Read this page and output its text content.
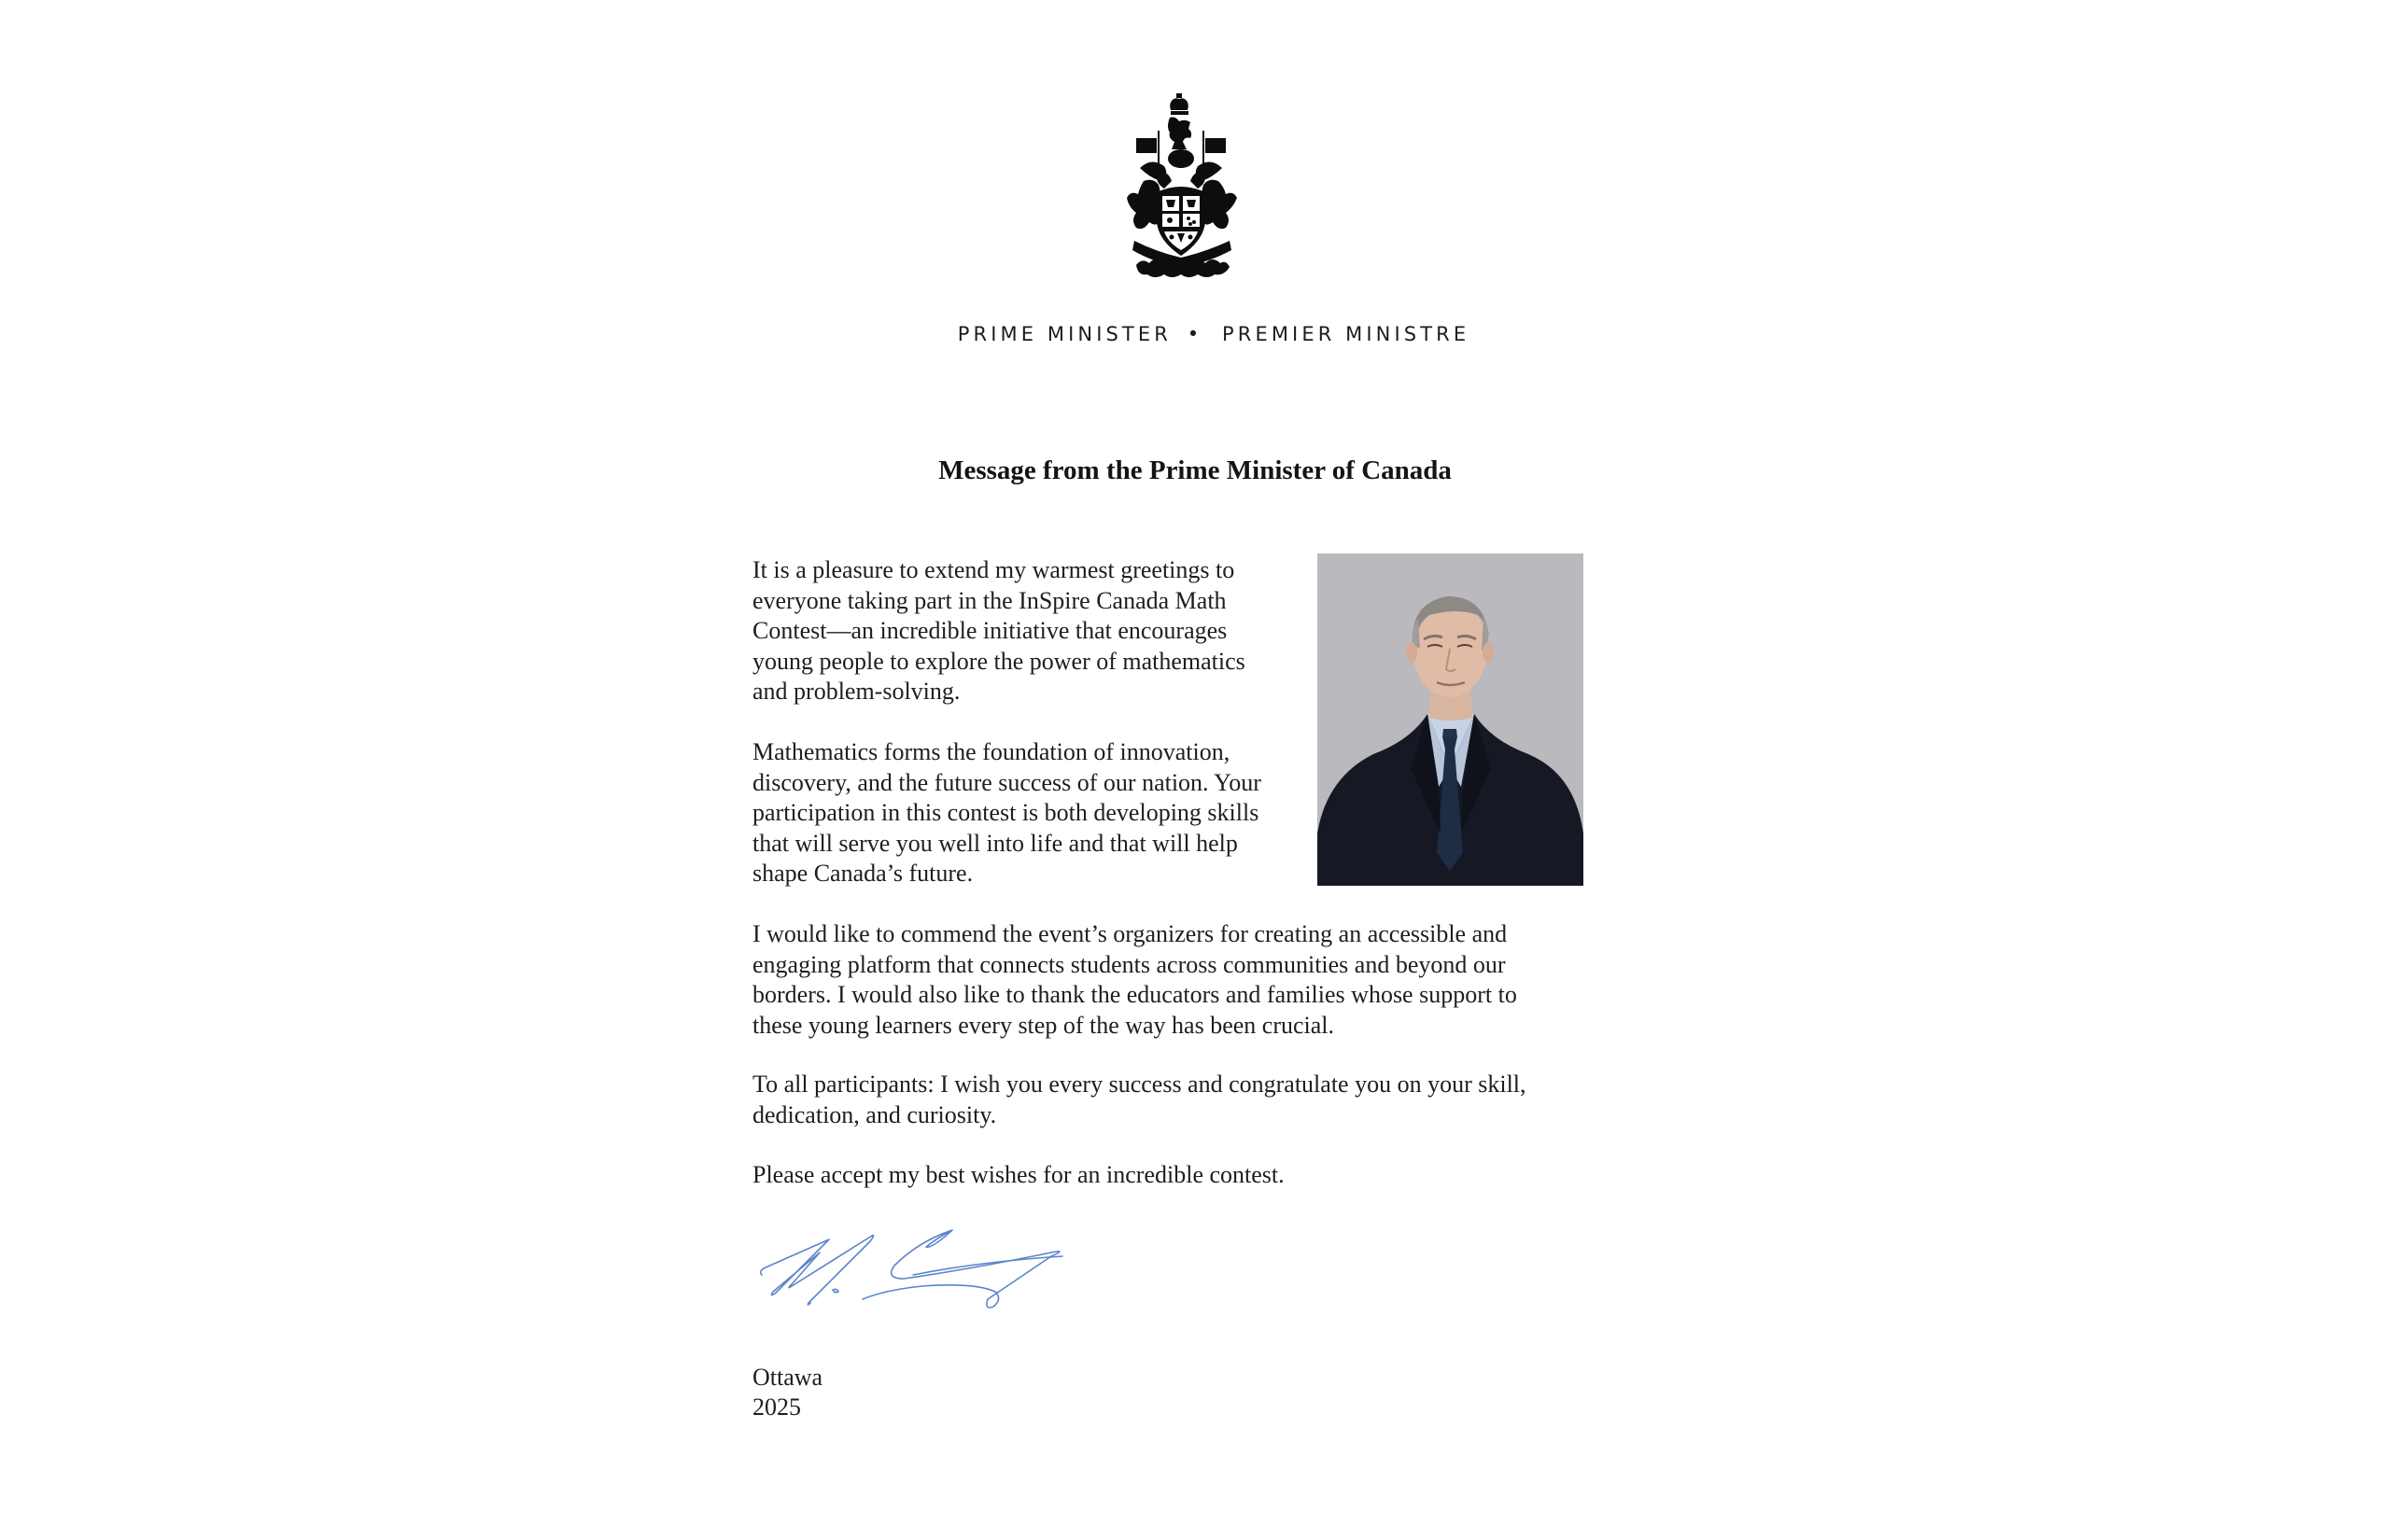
PRIME MINISTER • PREMIER MINISTRE
Message from the Prime Minister of Canada
It is a pleasure to extend my warmest greetings to
everyone taking part in the InSpire Canada Math
Contest—an incredible initiative that encourages
young people to explore the power of mathematics
and problem-solving.
Mathematics forms the foundation of innovation,
discovery, and the future success of our nation. Your
participation in this contest is both developing skills
that will serve you well into life and that will help
shape Canada’s future.
I would like to commend the event’s organizers for creating an accessible and
engaging platform that connects students across communities and beyond our
borders. I would also like to thank the educators and families whose support to
these young learners every step of the way has been crucial.
To all participants: I wish you every success and congratulate you on your skill,
dedication, and curiosity.
Please accept my best wishes for an incredible contest.
Ottawa
2025
